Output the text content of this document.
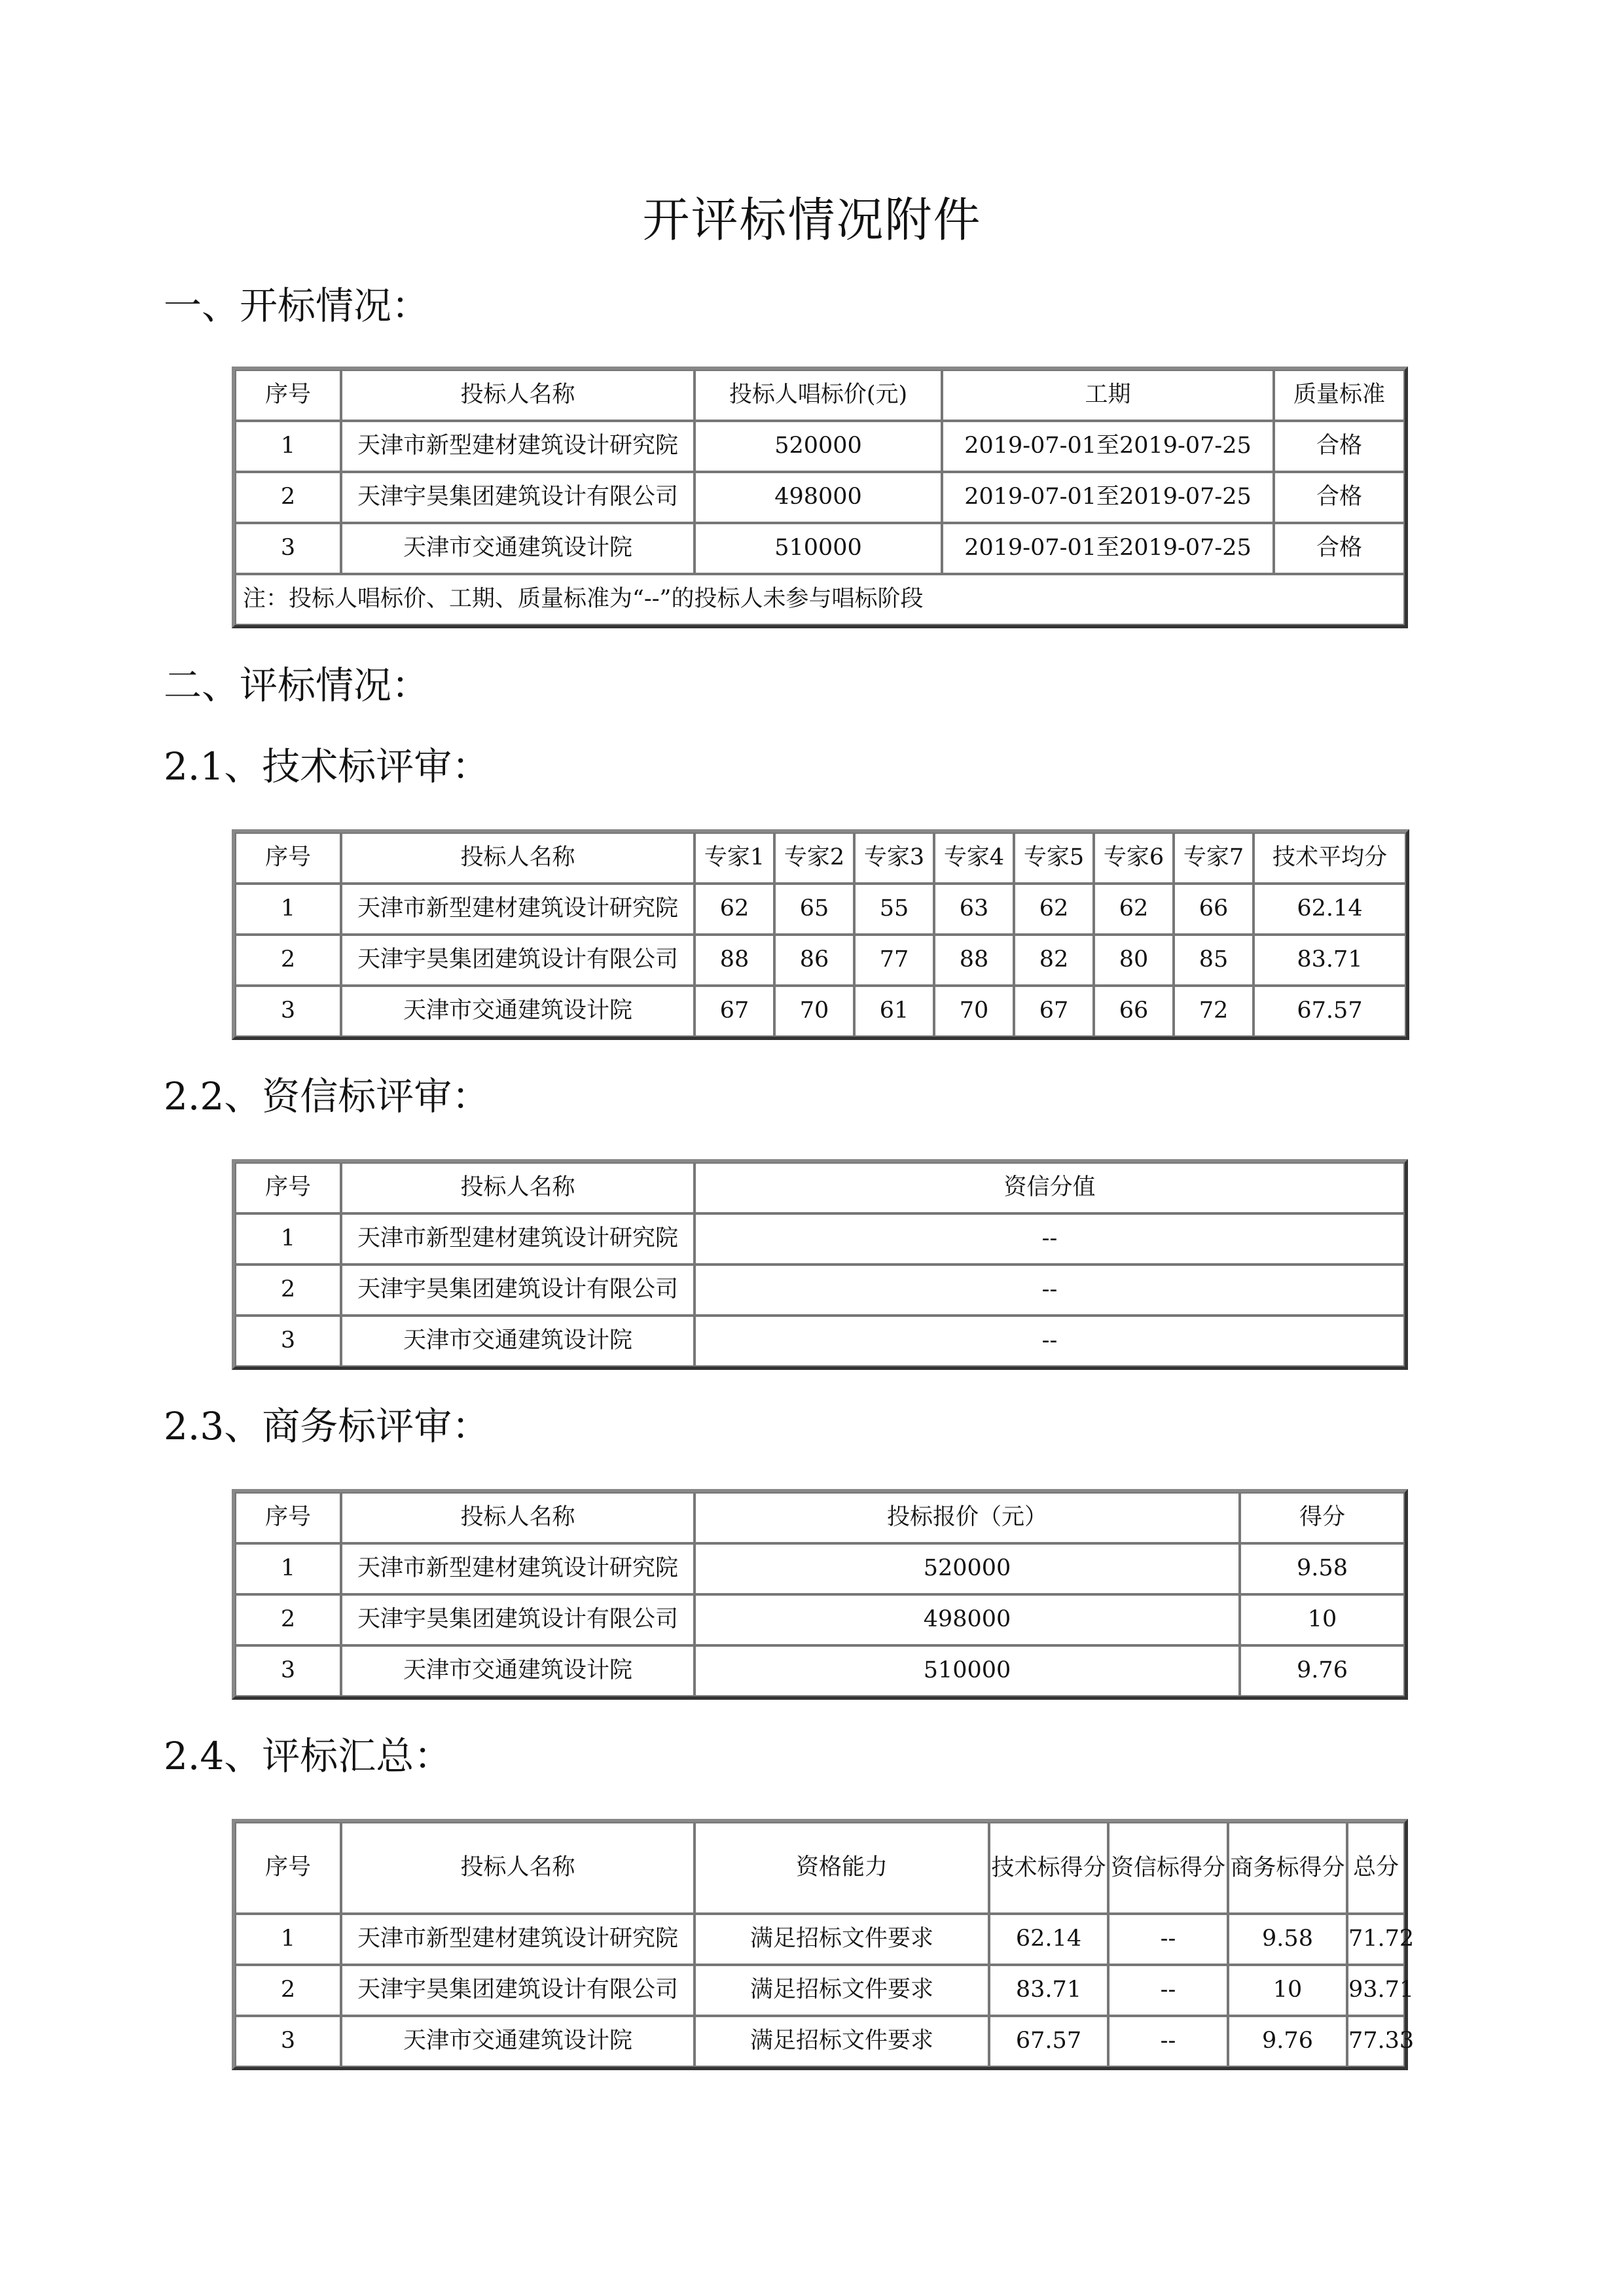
开评标情况附件
一、开标情况：
序号	投标人名称	投标人唱标价(元)	工期	质量标准
1	天津市新型建材建筑设计研究院	520000	2019-07-01至2019-07-25	合格
2	天津宇昊集团建筑设计有限公司	498000	2019-07-01至2019-07-25	合格
3	天津市交通建筑设计院	510000	2019-07-01至2019-07-25	合格
注：投标人唱标价、工期、质量标准为“--”的投标人未参与唱标阶段				
二、评标情况：
2.1、技术标评审：
序号	投标人名称	专家1	专家2	专家3	专家4	专家5	专家6	专家7	技术平均分
1	天津市新型建材建筑设计研究院	62	65	55	63	62	62	66	62.14
2	天津宇昊集团建筑设计有限公司	88	86	77	88	82	80	85	83.71
3	天津市交通建筑设计院	67	70	61	70	67	66	72	67.57
2.2、资信标评审：
序号	投标人名称	资信分值
1	天津市新型建材建筑设计研究院	--
2	天津宇昊集团建筑设计有限公司	--
3	天津市交通建筑设计院	--
2.3、商务标评审：
序号	投标人名称	投标报价（元）	得分
1	天津市新型建材建筑设计研究院	520000	9.58
2	天津宇昊集团建筑设计有限公司	498000	10
3	天津市交通建筑设计院	510000	9.76
2.4、评标汇总：
序号	投标人名称	资格能力	技术标得分	资信标得分	商务标得分	总分
1	天津市新型建材建筑设计研究院	满足招标文件要求	62.14	--	9.58	71.72
2	天津宇昊集团建筑设计有限公司	满足招标文件要求	83.71	--	10	93.71
3	天津市交通建筑设计院	满足招标文件要求	67.57	--	9.76	77.33
